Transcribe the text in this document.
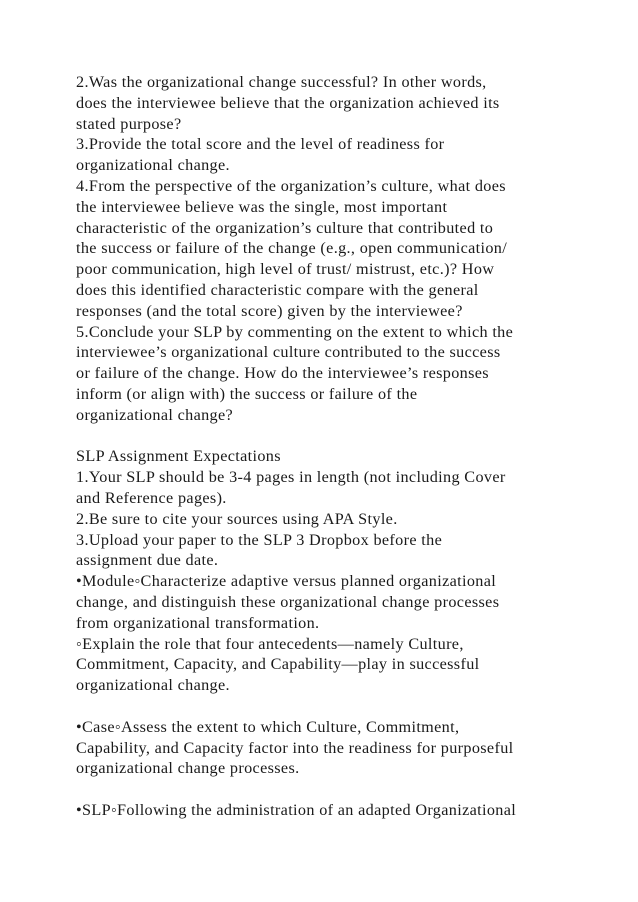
2.Was the organizational change successful? In other words,
does the interviewee believe that the organization achieved its
stated purpose?
3.Provide the total score and the level of readiness for
organizational change.
4.From the perspective of the organization’s culture, what does
the interviewee believe was the single, most important
characteristic of the organization’s culture that contributed to
the success or failure of the change (e.g., open communication/
poor communication, high level of trust/ mistrust, etc.)? How
does this identified characteristic compare with the general
responses (and the total score) given by the interviewee?
5.Conclude your SLP by commenting on the extent to which the
interviewee’s organizational culture contributed to the success
or failure of the change. How do the interviewee’s responses
inform (or align with) the success or failure of the
organizational change?
SLP Assignment Expectations
1.Your SLP should be 3-4 pages in length (not including Cover
and Reference pages).
2.Be sure to cite your sources using APA Style.
3.Upload your paper to the SLP 3 Dropbox before the
assignment due date.
•Module◦Characterize adaptive versus planned organizational
change, and distinguish these organizational change processes
from organizational transformation.
◦Explain the role that four antecedents—namely Culture,
Commitment, Capacity, and Capability—play in successful
organizational change.
•Case◦Assess the extent to which Culture, Commitment,
Capability, and Capacity factor into the readiness for purposeful
organizational change processes.
•SLP◦Following the administration of an adapted Organizational
